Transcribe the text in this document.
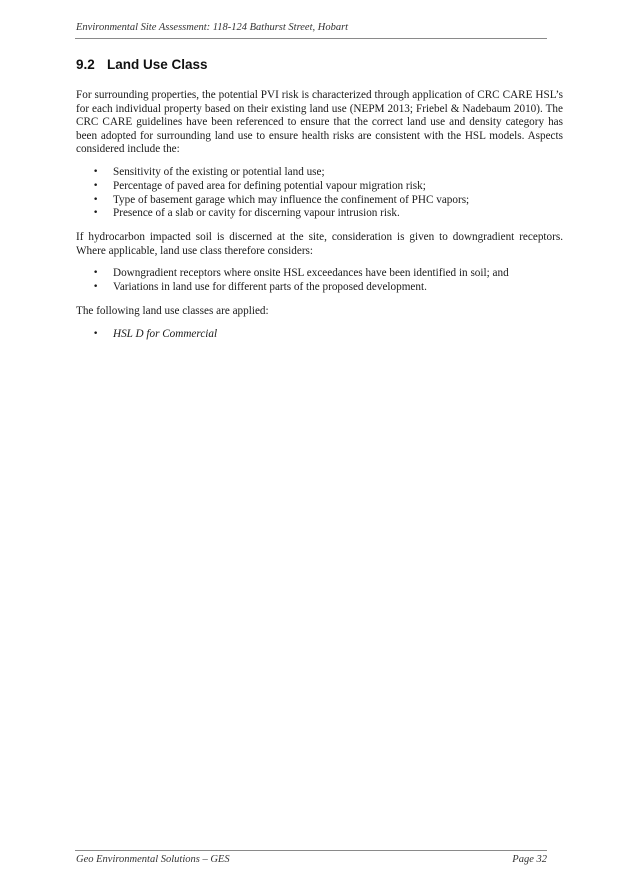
Environmental Site Assessment: 118-124 Bathurst Street, Hobart
9.2 Land Use Class

For surrounding properties, the potential PVI risk is characterized through application of CRC CARE HSL’s for each individual property based on their existing land use (NEPM 2013; Friebel & Nadebaum 2010). The CRC CARE guidelines have been referenced to ensure that the correct land use and density category has been adopted for surrounding land use to ensure health risks are consistent with the HSL models. Aspects considered include the:

• Sensitivity of the existing or potential land use;
• Percentage of paved area for defining potential vapour migration risk;
• Type of basement garage which may influence the confinement of PHC vapors;
• Presence of a slab or cavity for discerning vapour intrusion risk.

If hydrocarbon impacted soil is discerned at the site, consideration is given to downgradient receptors. Where applicable, land use class therefore considers:

• Downgradient receptors where onsite HSL exceedances have been identified in soil; and
• Variations in land use for different parts of the proposed development.

The following land use classes are applied:

• HSL D for Commercial
Geo Environmental Solutions – GES	Page 32
